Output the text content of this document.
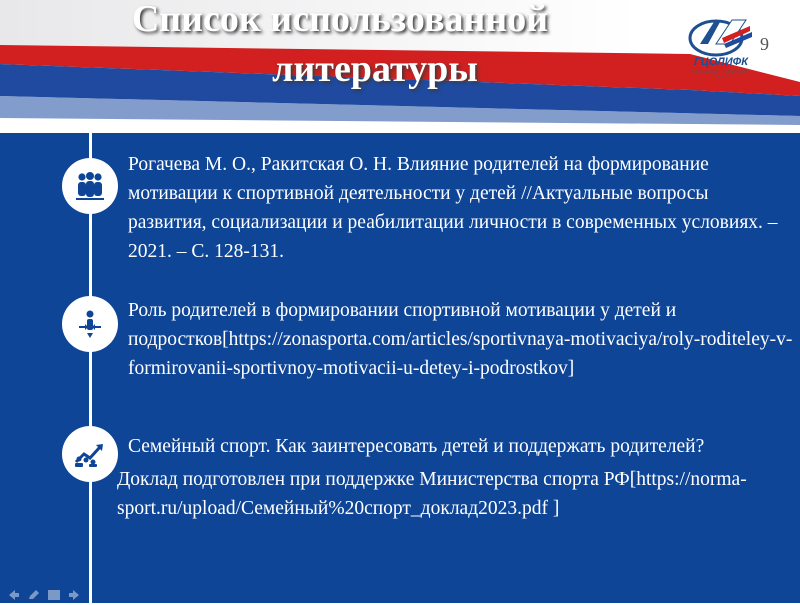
Список использованной
литературы	ГЦОЛИФК
РОССИЙСКИЙ УНИВЕРСИТЕТ СПОРТА
9

Рогачева М. О., Ракитская О. Н. Влияние родителей на формирование мотивации к спортивной деятельности у детей //Актуальные вопросы развития, социализации и реабилитации личности в современных условиях. – 2021. – С. 128-131.

Роль родителей в формировании спортивной мотивации у детей и подростков[https://zonasporta.com/articles/sportivnaya-motivaciya/roly-roditeley-v-formirovanii-sportivnoy-motivacii-u-detey-i-podrostkov]

Семейный спорт. Как заинтересовать детей и поддержать родителей?

Доклад подготовлен при поддержке Министерства спорта РФ[https://norma-sport.ru/upload/Семейный%20спорт_доклад2023.pdf ]
